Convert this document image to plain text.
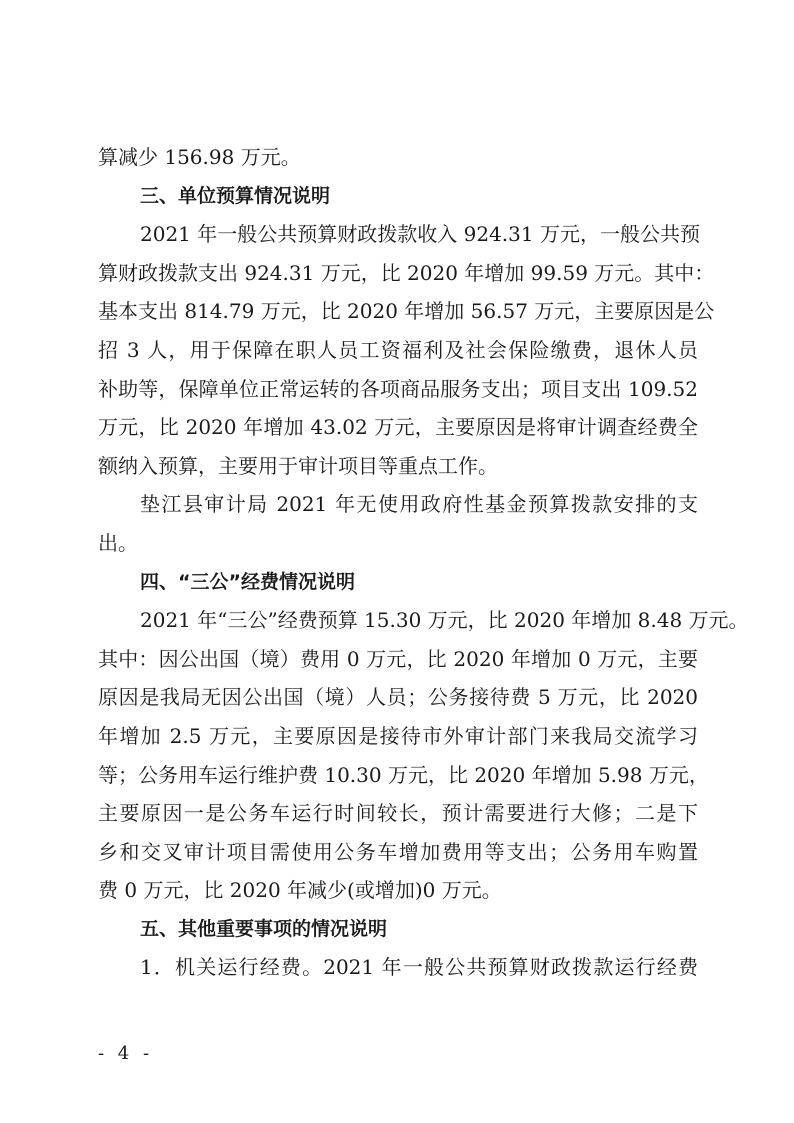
算减少 156.98 万元。
三、单位预算情况说明
2021 年一般公共预算财政拨款收入 924.31 万元，一般公共预
算财政拨款支出 924.31 万元，比 2020 年增加 99.59 万元。其中：
基本支出 814.79 万元，比 2020 年增加 56.57 万元，主要原因是公
招 3 人，用于保障在职人员工资福利及社会保险缴费，退休人员
补助等，保障单位正常运转的各项商品服务支出；项目支出 109.52
万元，比 2020 年增加 43.02 万元，主要原因是将审计调查经费全
额纳入预算，主要用于审计项目等重点工作。
垫江县审计局 2021 年无使用政府性基金预算拨款安排的支
出。
四、“三公”经费情况说明
2021 年“三公”经费预算 15.30 万元，比 2020 年增加 8.48 万元。
其中：因公出国（境）费用 0 万元，比 2020 年增加 0 万元，主要
原因是我局无因公出国（境）人员；公务接待费 5 万元，比 2020
年增加 2.5 万元，主要原因是接待市外审计部门来我局交流学习
等；公务用车运行维护费 10.30 万元，比 2020 年增加 5.98 万元，
主要原因一是公务车运行时间较长，预计需要进行大修；二是下
乡和交叉审计项目需使用公务车增加费用等支出；公务用车购置
费 0 万元，比 2020 年减少(或增加)0 万元。
五、其他重要事项的情况说明
1．机关运行经费。2021 年一般公共预算财政拨款运行经费
- 4 -
